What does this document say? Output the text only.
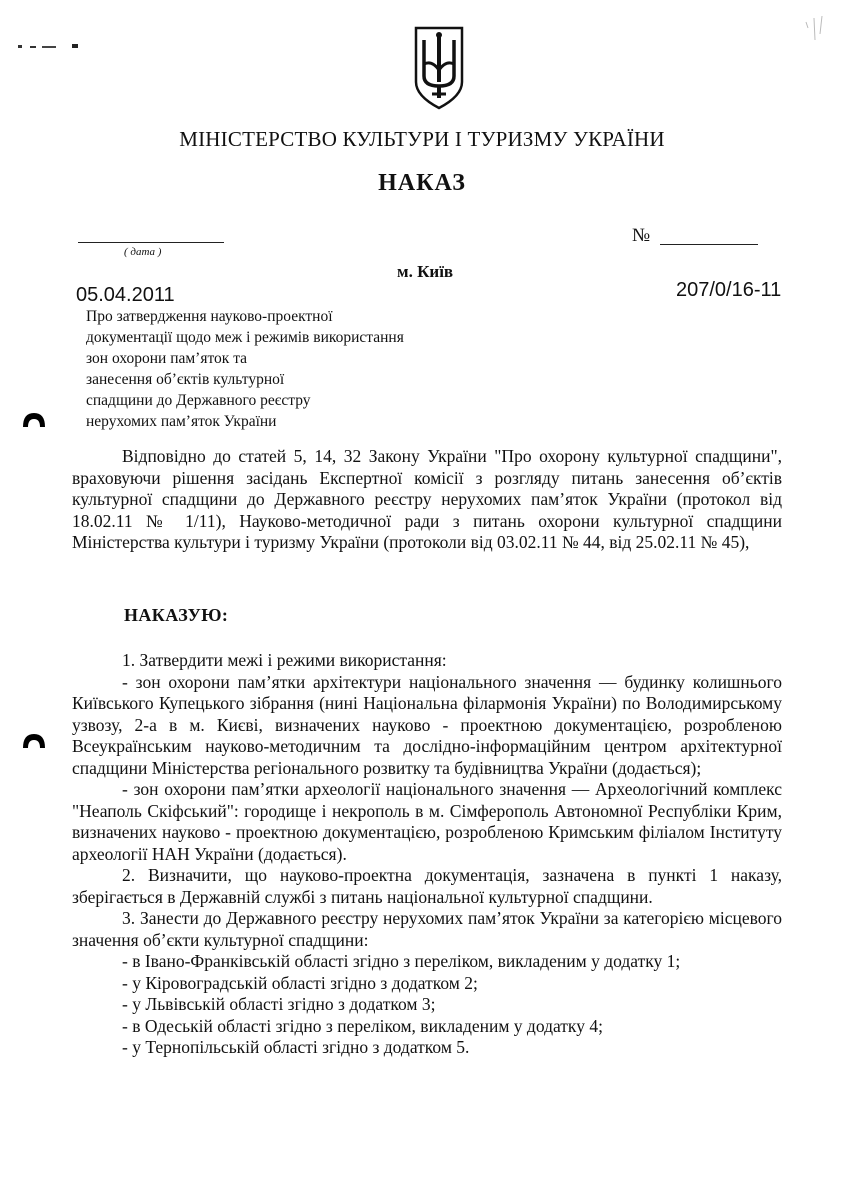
МІНІСТЕРСТВО КУЛЬТУРИ І ТУРИЗМУ УКРАЇНИ
НАКАЗ
( дата )
№
м. Київ
05.04.2011	207/0/16-11
Про затвердження науково-проектної
документації щодо меж і режимів використання
зон охорони пам’яток та
занесення об’єктів культурної
спадщини до Державного реєстру
нерухомих пам’яток України
Відповідно до статей 5, 14, 32 Закону України "Про охорону культурної спадщини", враховуючи рішення засідань Експертної комісії з розгляду питань занесення об’єктів культурної спадщини до Державного реєстру нерухомих пам’яток України (протокол від 18.02.11 № 1/11), Науково-методичної ради з питань охорони культурної спадщини Міністерства культури і туризму України (протоколи від 03.02.11 № 44, від 25.02.11 № 45),
НАКАЗУЮ:
1. Затвердити межі і режими використання:
- зон охорони пам’ятки архітектури національного значення — будинку колишнього Київського Купецького зібрання (нині Національна філармонія України) по Володимирському узвозу, 2-а в м. Києві, визначених науково - проектною документацією, розробленою Всеукраїнським науково-методичним та дослідно-інформаційним центром архітектурної спадщини Міністерства регіонального розвитку та будівництва України (додається);
- зон охорони пам’ятки археології національного значення — Археологічний комплекс "Неаполь Скіфський": городище і некрополь в м. Сімферополь Автономної Республіки Крим, визначених науково - проектною документацією, розробленою Кримським філіалом Інституту археології НАН України (додається).
2. Визначити, що науково-проектна документація, зазначена в пункті 1 наказу, зберігається в Державній службі з питань національної культурної спадщини.
3. Занести до Державного реєстру нерухомих пам’яток України за категорією місцевого значення об’єкти культурної спадщини:
- в Івано-Франківській області згідно з переліком, викладеним у додатку 1;
- у Кіровоградській області згідно з додатком 2;
- у Львівській області згідно з додатком 3;
- в Одеській області згідно з переліком, викладеним у додатку 4;
- у Тернопільській області згідно з додатком 5.
